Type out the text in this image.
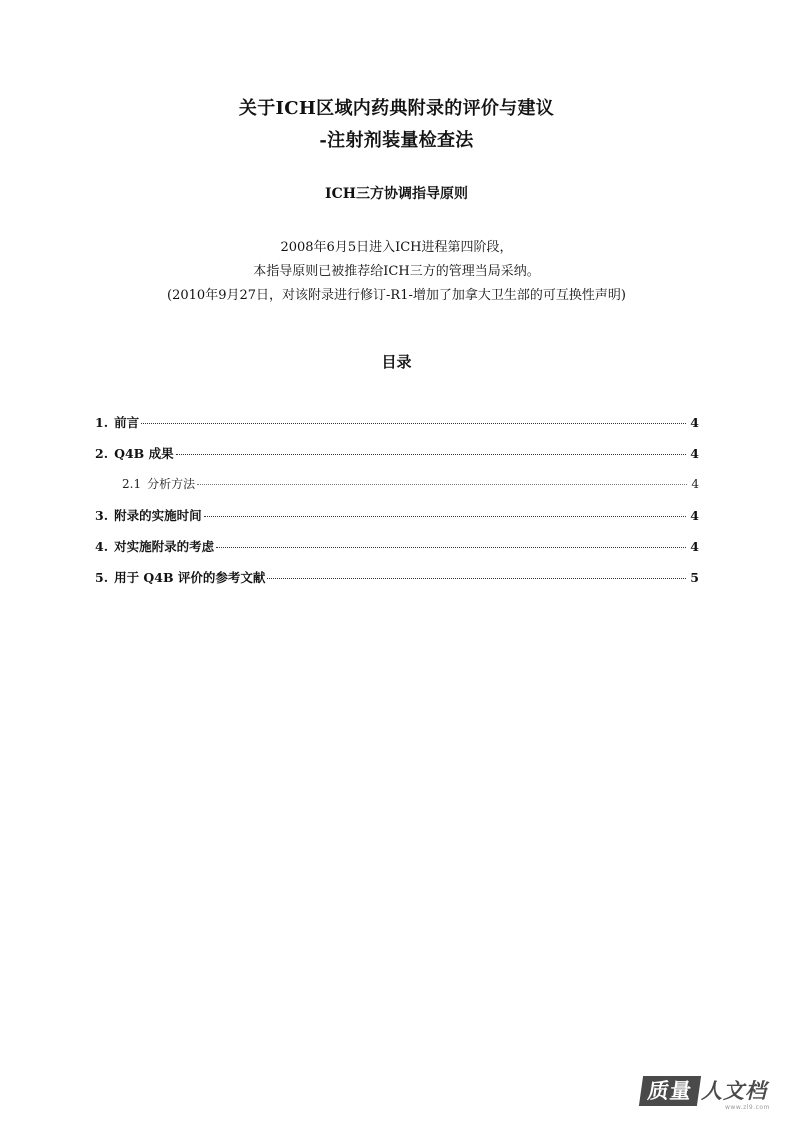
关于ICH区域内药典附录的评价与建议
-注射剂装量检查法
ICH三方协调指导原则
2008年6月5日进入ICH进程第四阶段，
本指导原则已被推荐给ICH三方的管理当局采纳。
(2010年9月27日，对该附录进行修订-R1-增加了加拿大卫生部的可互换性声明)
目录
1. 前言	4
2. Q4B 成果	4
2.1 分析方法	4
3. 附录的实施时间	4
4. 对实施附录的考虑	4
5. 用于 Q4B 评价的参考文献	5
质量 人文档
www.zl9.com
